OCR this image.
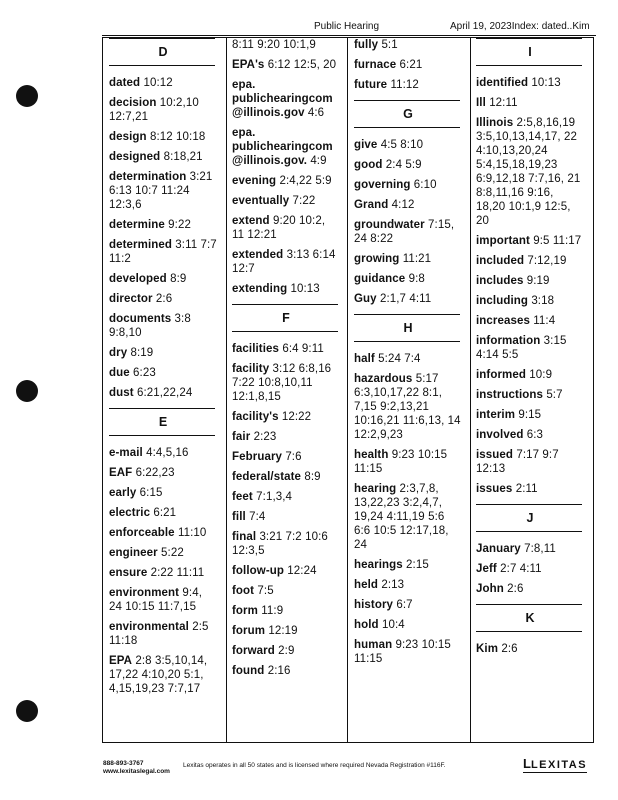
Public Hearing	April 19, 2023Index: dated..Kim
D
dated 10:12
decision 10:2,10 12:7,21
design 8:12 10:18
designed 8:18,21
determination 3:21 6:13 10:7 11:24 12:3,6
determine 9:22
determined 3:11 7:7 11:2
developed 8:9
director 2:6
documents 3:8 9:8,10
dry 8:19
due 6:23
dust 6:21,22,24
E
e-mail 4:4,5,16
EAF 6:22,23
early 6:15
electric 6:21
enforceable 11:10
engineer 5:22
ensure 2:22 11:11
environment 9:4, 24 10:15 11:7,15
environmental 2:5 11:18
EPA 2:8 3:5,10,14, 17,22 4:10,20 5:1, 4,15,19,23 7:7,17
8:11 9:20 10:1,9
EPA's 6:12 12:5, 20
epa. publichearingcom @illinois.gov 4:6
epa. publichearingcom @illinois.gov. 4:9
evening 2:4,22 5:9
eventually 7:22
extend 9:20 10:2, 11 12:21
extended 3:13 6:14 12:7
extending 10:13
F
facilities 6:4 9:11
facility 3:12 6:8,16 7:22 10:8,10,11 12:1,8,15
facility's 12:22
fair 2:23
February 7:6
federal/state 8:9
feet 7:1,3,4
fill 7:4
final 3:21 7:2 10:6 12:3,5
follow-up 12:24
foot 7:5
form 11:9
forum 12:19
forward 2:9
found 2:16
fully 5:1
furnace 6:21
future 11:12
G
give 4:5 8:10
good 2:4 5:9
governing 6:10
Grand 4:12
groundwater 7:15, 24 8:22
growing 11:21
guidance 9:8
Guy 2:1,7 4:11
H
half 5:24 7:4
hazardous 5:17 6:3,10,17,22 8:1, 7,15 9:2,13,21 10:16,21 11:6,13, 14 12:2,9,23
health 9:23 10:15 11:15
hearing 2:3,7,8, 13,22,23 3:2,4,7, 19,24 4:11,19 5:6 6:6 10:5 12:17,18, 24
hearings 2:15
held 2:13
history 6:7
hold 10:4
human 9:23 10:15 11:15
I
identified 10:13
Ill 12:11
Illinois 2:5,8,16,19 3:5,10,13,14,17, 22 4:10,13,20,24 5:4,15,18,19,23 6:9,12,18 7:7,16, 21 8:8,11,16 9:16, 18,20 10:1,9 12:5, 20
important 9:5 11:17
included 7:12,19
includes 9:19
including 3:18
increases 11:4
information 3:15 4:14 5:5
informed 10:9
instructions 5:7
interim 9:15
involved 6:3
issued 7:17 9:7 12:13
issues 2:11
J
January 7:8,11
Jeff 2:7 4:11
John 2:6
K
Kim 2:6
888-893-3767
www.lexitaslegal.com
Lexitas operates in all 50 states and is licensed where required Nevada Registration #116F.	LLEXITAS
